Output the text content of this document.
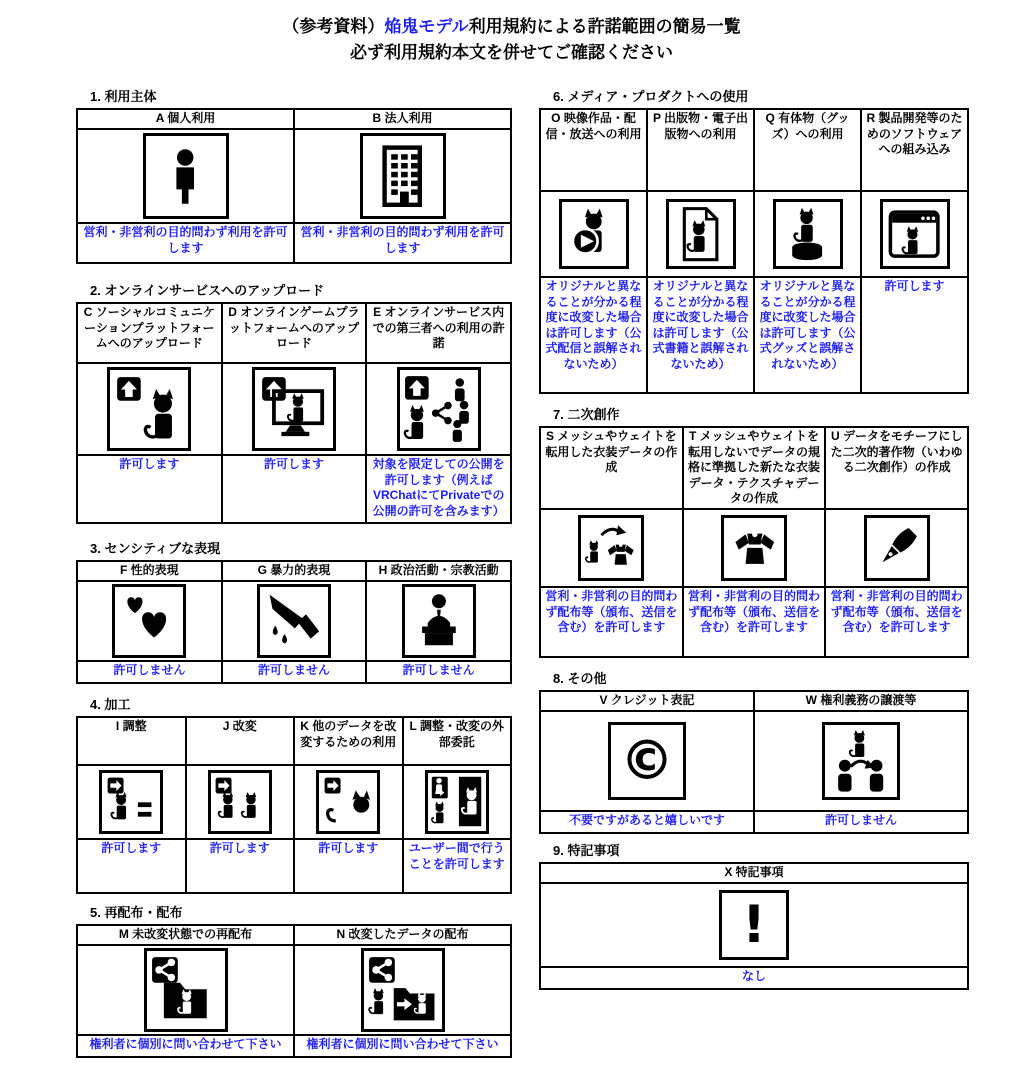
（参考資料）焔鬼モデル利用規約による許諾範囲の簡易一覧
必ず利用規約本文を併せてご確認ください
1. 利用主体
A 個人利用	B 法人利用

営利・非営利の目的問わず利用を許可します	営利・非営利の目的問わず利用を許可します
2. オンラインサービスへのアップロード
C ソーシャルコミュニケーションプラットフォームへのアップロード	D オンラインゲームプラットフォームへのアップロード	E オンラインサービス内での第三者への利用の許諾

許可します	許可します	対象を限定しての公開を許可します（例えばVRChatにてPrivateでの公開の許可を含みます）
3. センシティブな表現
F 性的表現	G 暴力的表現	H 政治活動・宗教活動

許可しません	許可しません	許可しません
4. 加工
I 調整	J 改変	K 他のデータを改変するための利用	L 調整・改変の外部委託

許可します	許可します	許可します	ユーザー間で行うことを許可します
5. 再配布・配布
M 未改変状態での再配布	N 改変したデータの配布

権利者に個別に問い合わせて下さい	権利者に個別に問い合わせて下さい
6. メディア・プロダクトへの使用
O 映像作品・配信・放送への利用	P 出版物・電子出版物への利用	Q 有体物（グッズ）への利用	R 製品開発等のためのソフトウェアへの組み込み

オリジナルと異なることが分かる程度に改変した場合は許可します（公式配信と誤解されないため）	オリジナルと異なることが分かる程度に改変した場合は許可します（公式書籍と誤解されないため）	オリジナルと異なることが分かる程度に改変した場合は許可します（公式グッズと誤解されないため）	許可します
7. 二次創作
S メッシュやウェイトを転用した衣装データの作成	T メッシュやウェイトを転用しないでデータの規格に準拠した新たな衣装データ・テクスチャデータの作成	U データをモチーフにした二次的著作物（いわゆる二次創作）の作成

営利・非営利の目的問わず配布等（頒布、送信を含む）を許可します	営利・非営利の目的問わず配布等（頒布、送信を含む）を許可します	営利・非営利の目的問わず配布等（頒布、送信を含む）を許可します
8. その他
V クレジット表記	W 権利義務の譲渡等

©

不要ですがあると嬉しいです	許可しません
9. 特記事項
X 特記事項

!

なし
